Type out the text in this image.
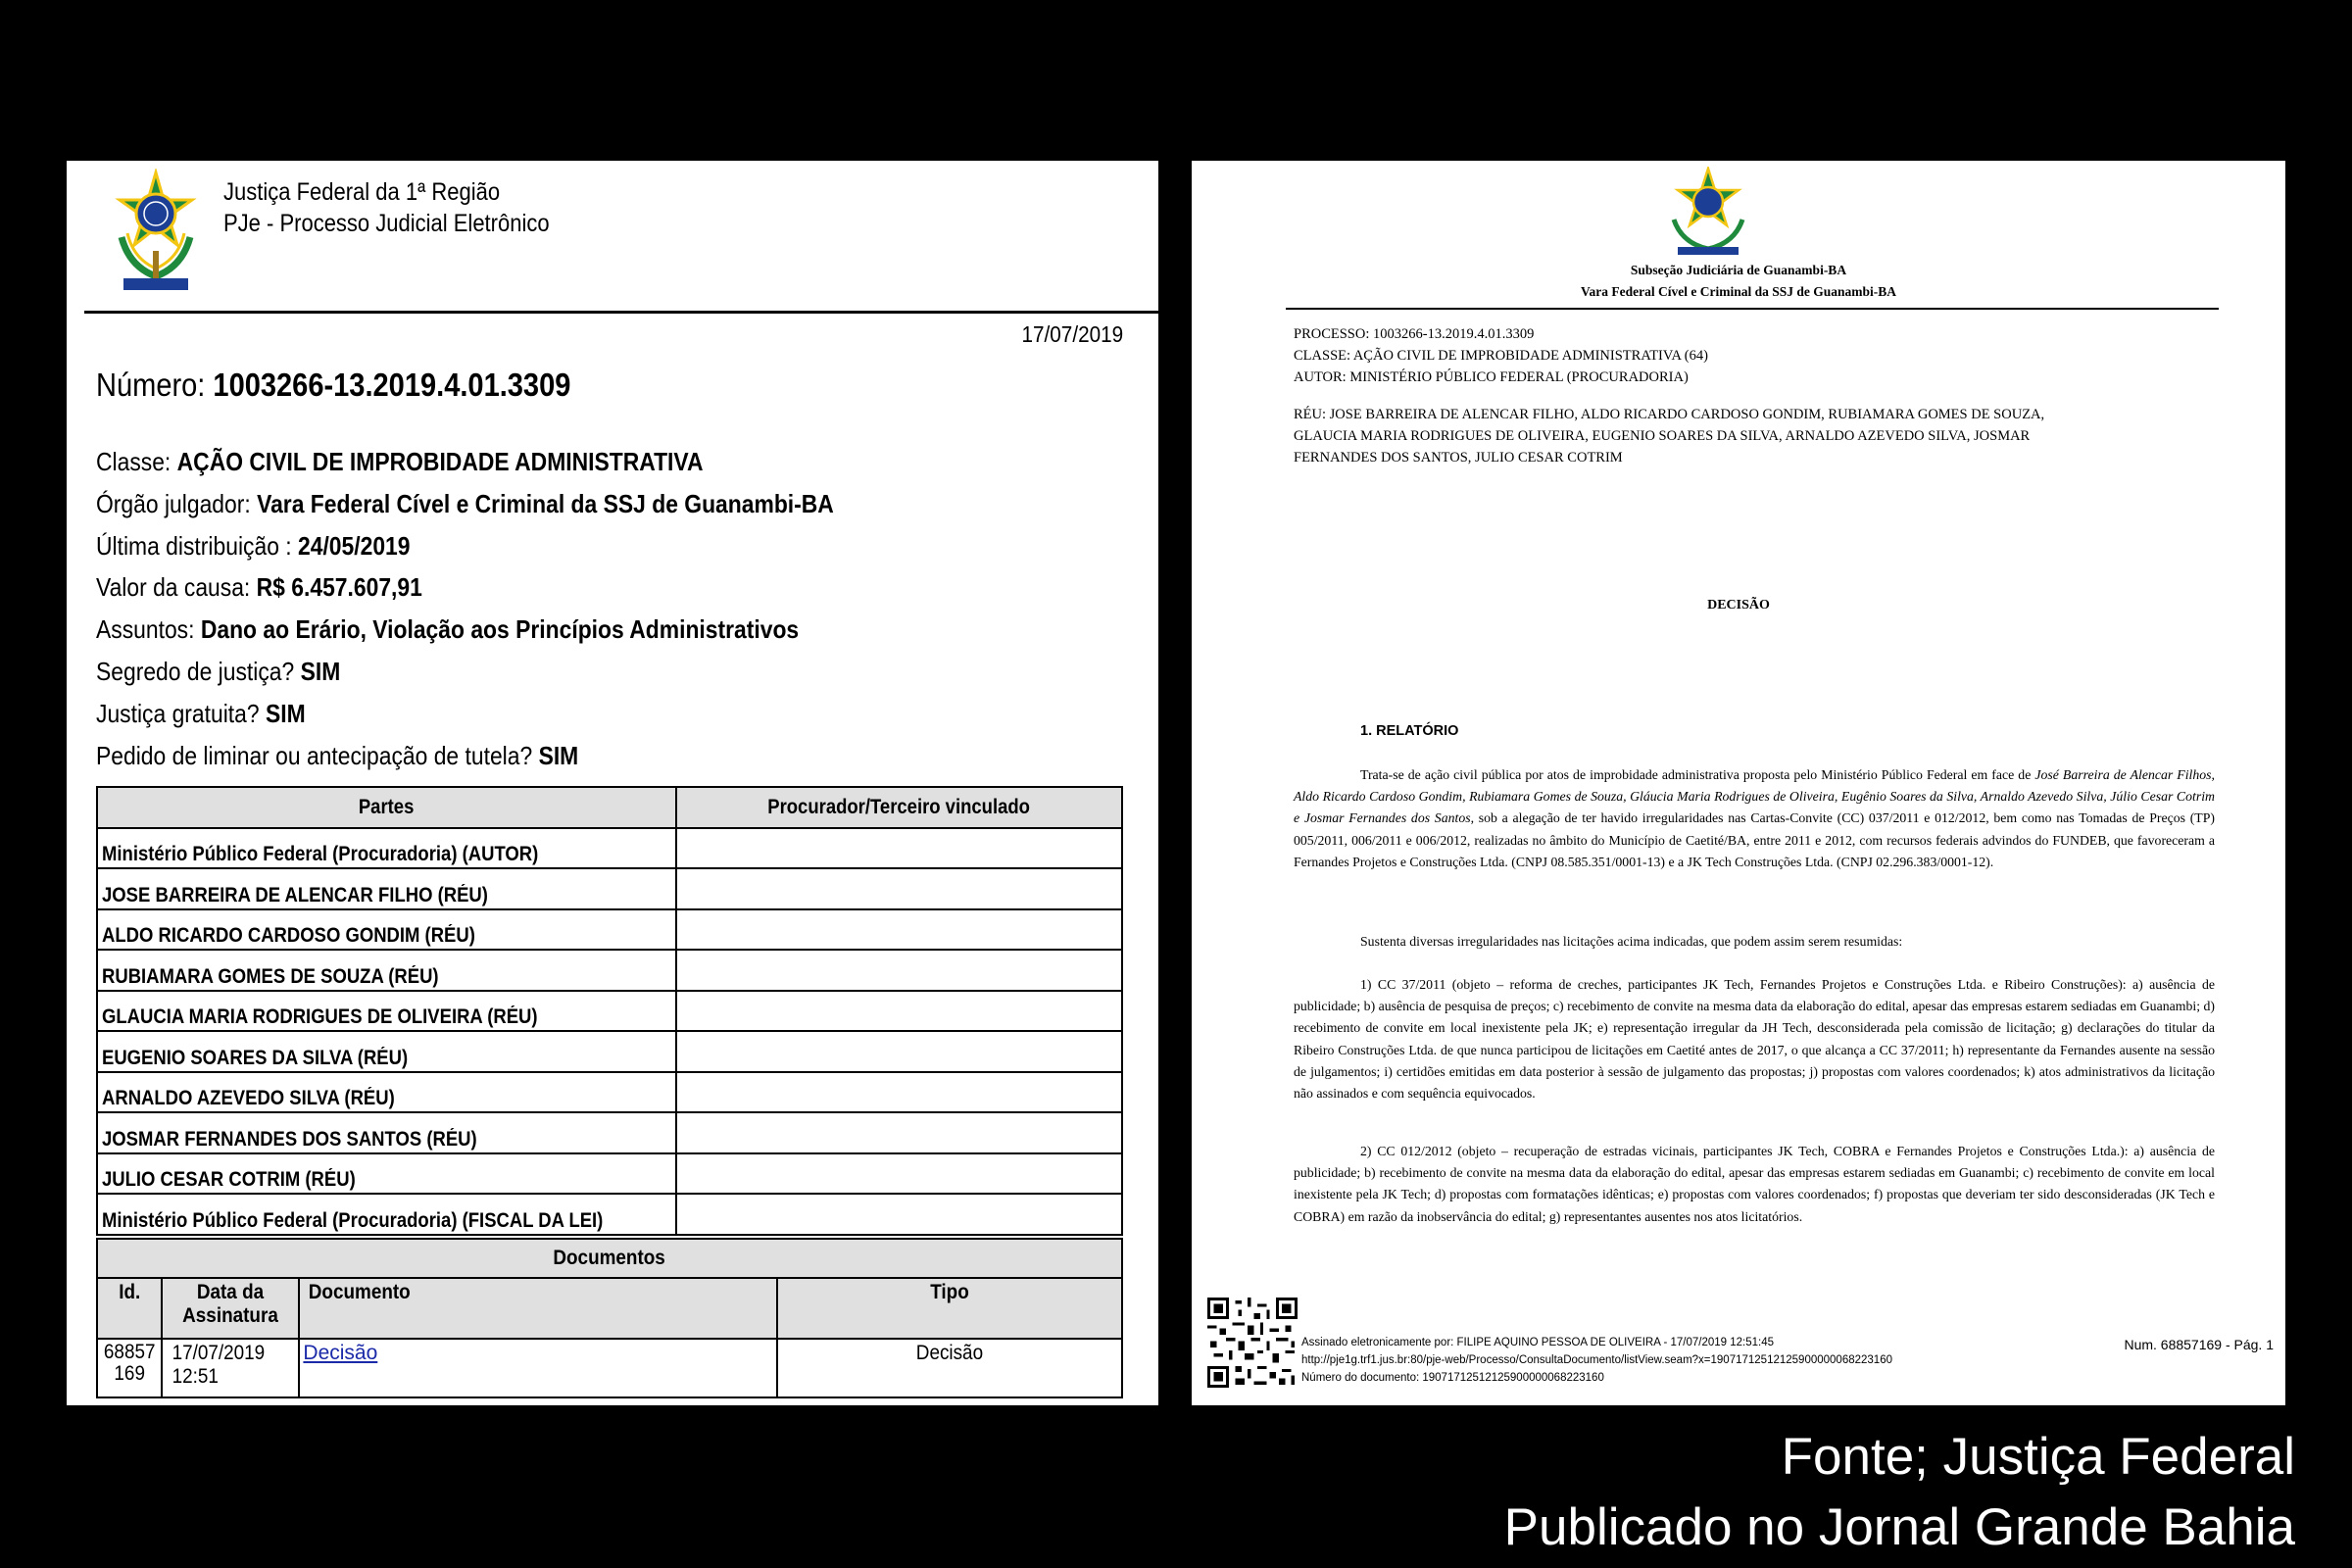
Justiça Federal da 1ª Região
PJe - Processo Judicial Eletrônico
17/07/2019
Número: 1003266-13.2019.4.01.3309
Classe: AÇÃO CIVIL DE IMPROBIDADE ADMINISTRATIVA
Órgão julgador: Vara Federal Cível e Criminal da SSJ de Guanambi-BA
Última distribuição : 24/05/2019
Valor da causa: R$ 6.457.607,91
Assuntos: Dano ao Erário, Violação aos Princípios Administrativos
Segredo de justiça? SIM
Justiça gratuita? SIM
Pedido de liminar ou antecipação de tutela? SIM
Partes	Procurador/Terceiro vinculado
Ministério Público Federal (Procuradoria) (AUTOR)	
JOSE BARREIRA DE ALENCAR FILHO (RÉU)	
ALDO RICARDO CARDOSO GONDIM (RÉU)	
RUBIAMARA GOMES DE SOUZA (RÉU)	
GLAUCIA MARIA RODRIGUES DE OLIVEIRA (RÉU)	
EUGENIO SOARES DA SILVA (RÉU)	
ARNALDO AZEVEDO SILVA (RÉU)	
JOSMAR FERNANDES DOS SANTOS (RÉU)	
JULIO CESAR COTRIM (RÉU)	
Ministério Público Federal (Procuradoria) (FISCAL DA LEI)	
Documentos			
Id.	Data da Assinatura	Documento	Tipo
68857 169	17/07/2019 12:51	Decisão	Decisão
Subseção Judiciária de Guanambi-BA
Vara Federal Cível e Criminal da SSJ de Guanambi-BA
PROCESSO: 1003266-13.2019.4.01.3309
CLASSE: AÇÃO CIVIL DE IMPROBIDADE ADMINISTRATIVA (64)
AUTOR: MINISTÉRIO PÚBLICO FEDERAL (PROCURADORIA)
RÉU: JOSE BARREIRA DE ALENCAR FILHO, ALDO RICARDO CARDOSO GONDIM, RUBIAMARA GOMES DE SOUZA, GLAUCIA MARIA RODRIGUES DE OLIVEIRA, EUGENIO SOARES DA SILVA, ARNALDO AZEVEDO SILVA, JOSMAR FERNANDES DOS SANTOS, JULIO CESAR COTRIM
DECISÃO
1. RELATÓRIO
Trata-se de ação civil pública por atos de improbidade administrativa proposta pelo Ministério Público Federal em face de José Barreira de Alencar Filhos, Aldo Ricardo Cardoso Gondim, Rubiamara Gomes de Souza, Gláucia Maria Rodrigues de Oliveira, Eugênio Soares da Silva, Arnaldo Azevedo Silva, Júlio Cesar Cotrim e Josmar Fernandes dos Santos, sob a alegação de ter havido irregularidades nas Cartas-Convite (CC) 037/2011 e 012/2012, bem como nas Tomadas de Preços (TP) 005/2011, 006/2011 e 006/2012, realizadas no âmbito do Município de Caetité/BA, entre 2011 e 2012, com recursos federais advindos do FUNDEB, que favoreceram a Fernandes Projetos e Construções Ltda. (CNPJ 08.585.351/0001-13) e a JK Tech Construções Ltda. (CNPJ 02.296.383/0001-12).
Sustenta diversas irregularidades nas licitações acima indicadas, que podem assim serem resumidas:
1) CC 37/2011 (objeto – reforma de creches, participantes JK Tech, Fernandes Projetos e Construções Ltda. e Ribeiro Construções): a) ausência de publicidade; b) ausência de pesquisa de preços; c) recebimento de convite na mesma data da elaboração do edital, apesar das empresas estarem sediadas em Guanambi; d) recebimento de convite em local inexistente pela JK; e) representação irregular da JH Tech, desconsiderada pela comissão de licitação; g) declarações do titular da Ribeiro Construções Ltda. de que nunca participou de licitações em Caetité antes de 2017, o que alcança a CC 37/2011; h) representante da Fernandes ausente na sessão de julgamentos; i) certidões emitidas em data posterior à sessão de julgamento das propostas; j) propostas com valores coordenados; k) atos administrativos da licitação não assinados e com sequência equivocados.
2) CC 012/2012 (objeto – recuperação de estradas vicinais, participantes JK Tech, COBRA e Fernandes Projetos e Construções Ltda.): a) ausência de publicidade; b) recebimento de convite na mesma data da elaboração do edital, apesar das empresas estarem sediadas em Guanambi; c) recebimento de convite em local inexistente pela JK Tech; d) propostas com formatações idênticas; e) propostas com valores coordenados; f) propostas que deveriam ter sido desconsideradas (JK Tech e COBRA) em razão da inobservância do edital; g) representantes ausentes nos atos licitatórios.
Assinado eletronicamente por: FILIPE AQUINO PESSOA DE OLIVEIRA - 17/07/2019 12:51:45
http://pje1g.trf1.jus.br:80/pje-web/Processo/ConsultaDocumento/listView.seam?x=19071712512125900000068223160
Número do documento: 19071712512125900000068223160
Num. 68857169 - Pág. 1
Fonte; Justiça Federal
Publicado no Jornal Grande Bahia
